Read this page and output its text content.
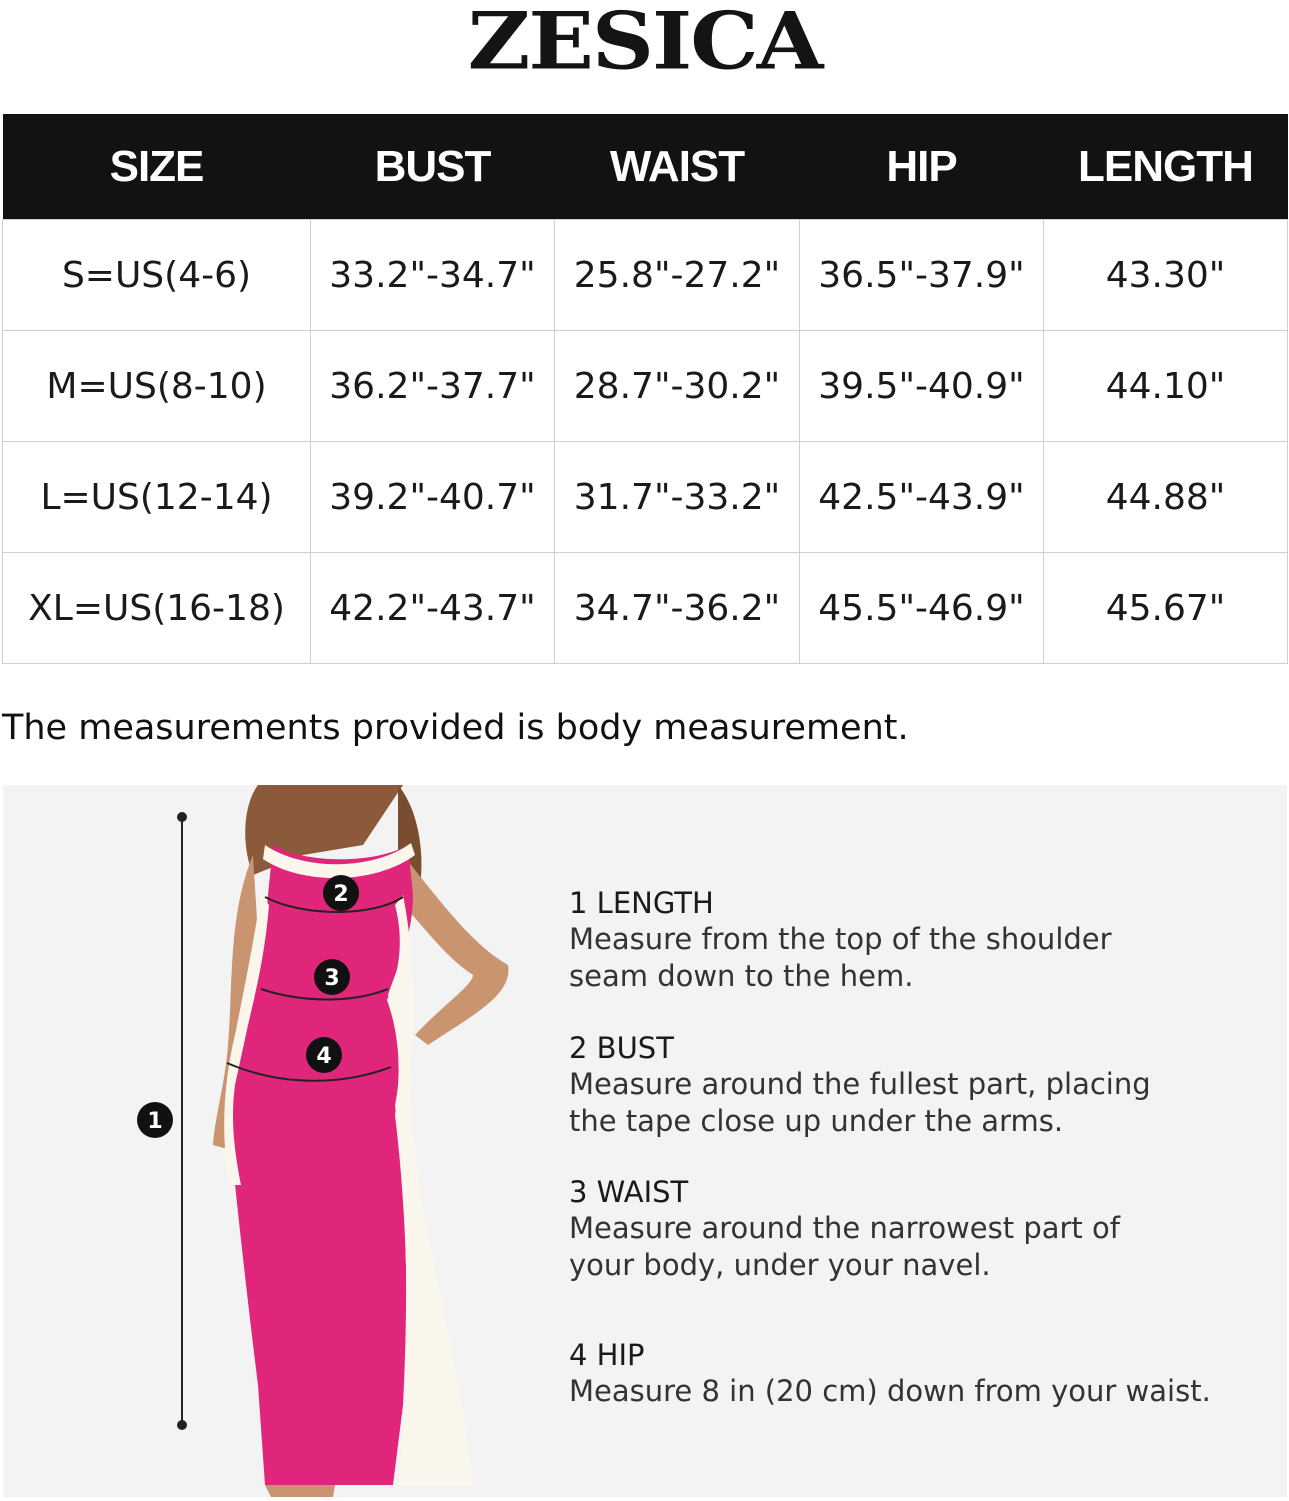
ZESICA
SIZE	BUST	WAIST	HIP	LENGTH
S=US(4-6)	33.2"-34.7"	25.8"-27.2"	36.5"-37.9"	43.30"
M=US(8-10)	36.2"-37.7"	28.7"-30.2"	39.5"-40.9"	44.10"
L=US(12-14)	39.2"-40.7"	31.7"-33.2"	42.5"-43.9"	44.88"
XL=US(16-18)	42.2"-43.7"	34.7"-36.2"	45.5"-46.9"	45.67"
The measurements provided is body measurement.
1
2
3
4
1 LENGTH
Measure from the top of the shoulder
seam down to the hem.
2 BUST
Measure around the fullest part, placing
the tape close up under the arms.
3 WAIST
Measure around the narrowest part of
your body, under your navel.
4 HIP
Measure 8 in (20 cm) down from your waist.
